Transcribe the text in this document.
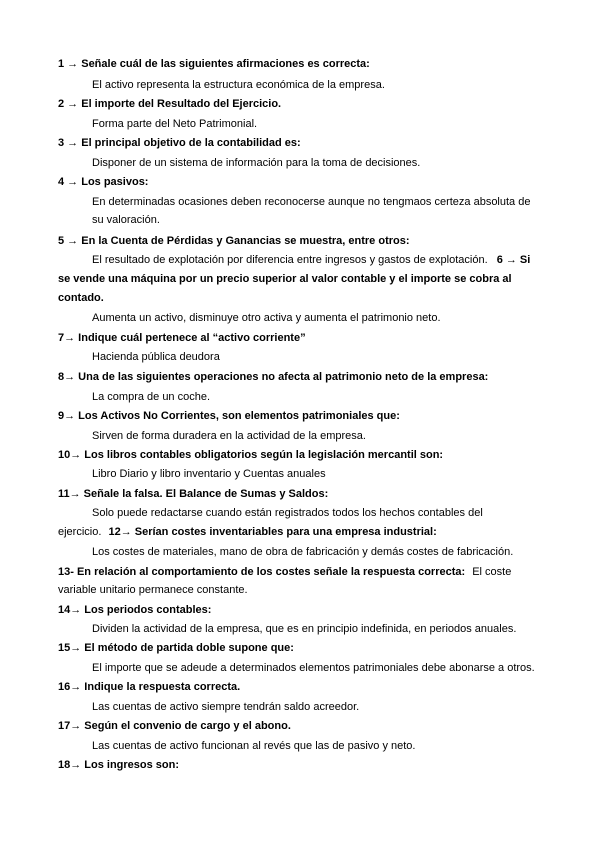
1 → Señale cuál de las siguientes afirmaciones es correcta:
El activo representa la estructura económica de la empresa.
2 → El importe del Resultado del Ejercicio.
Forma parte del Neto Patrimonial.
3 → El principal objetivo de la contabilidad es:
Disponer de un sistema de información para la toma de decisiones.
4 → Los pasivos:
En determinadas ocasiones deben reconocerse aunque no tengmaos certeza absoluta de
su valoración.
5 → En la Cuenta de Pérdidas y Ganancias se muestra, entre otros:
El resultado de explotación por diferencia entre ingresos y gastos de explotación. 6 → Si
se vende una máquina por un precio superior al valor contable y el importe se cobra al
contado.
Aumenta un activo, disminuye otro activa y aumenta el patrimonio neto.
7→ Indique cuál pertenece al “activo corriente”
Hacienda pública deudora
8→ Una de las siguientes operaciones no afecta al patrimonio neto de la empresa:
La compra de un coche.
9→ Los Activos No Corrientes, son elementos patrimoniales que:
Sirven de forma duradera en la actividad de la empresa.
10→ Los libros contables obligatorios según la legislación mercantil son:
Libro Diario y libro inventario y Cuentas anuales
11→ Señale la falsa. El Balance de Sumas y Saldos:
Solo puede redactarse cuando están registrados todos los hechos contables del
ejercicio. 12→ Serían costes inventariables para una empresa industrial:
Los costes de materiales, mano de obra de fabricación y demás costes de fabricación.
13- En relación al comportamiento de los costes señale la respuesta correcta: El coste
variable unitario permanece constante.
14→ Los periodos contables:
Dividen la actividad de la empresa, que es en principio indefinida, en periodos anuales.
15→ El método de partida doble supone que:
El importe que se adeude a determinados elementos patrimoniales debe abonarse a otros.
16→ Indique la respuesta correcta.
Las cuentas de activo siempre tendrán saldo acreedor.
17→ Según el convenio de cargo y el abono.
Las cuentas de activo funcionan al revés que las de pasivo y neto.
18→ Los ingresos son:
